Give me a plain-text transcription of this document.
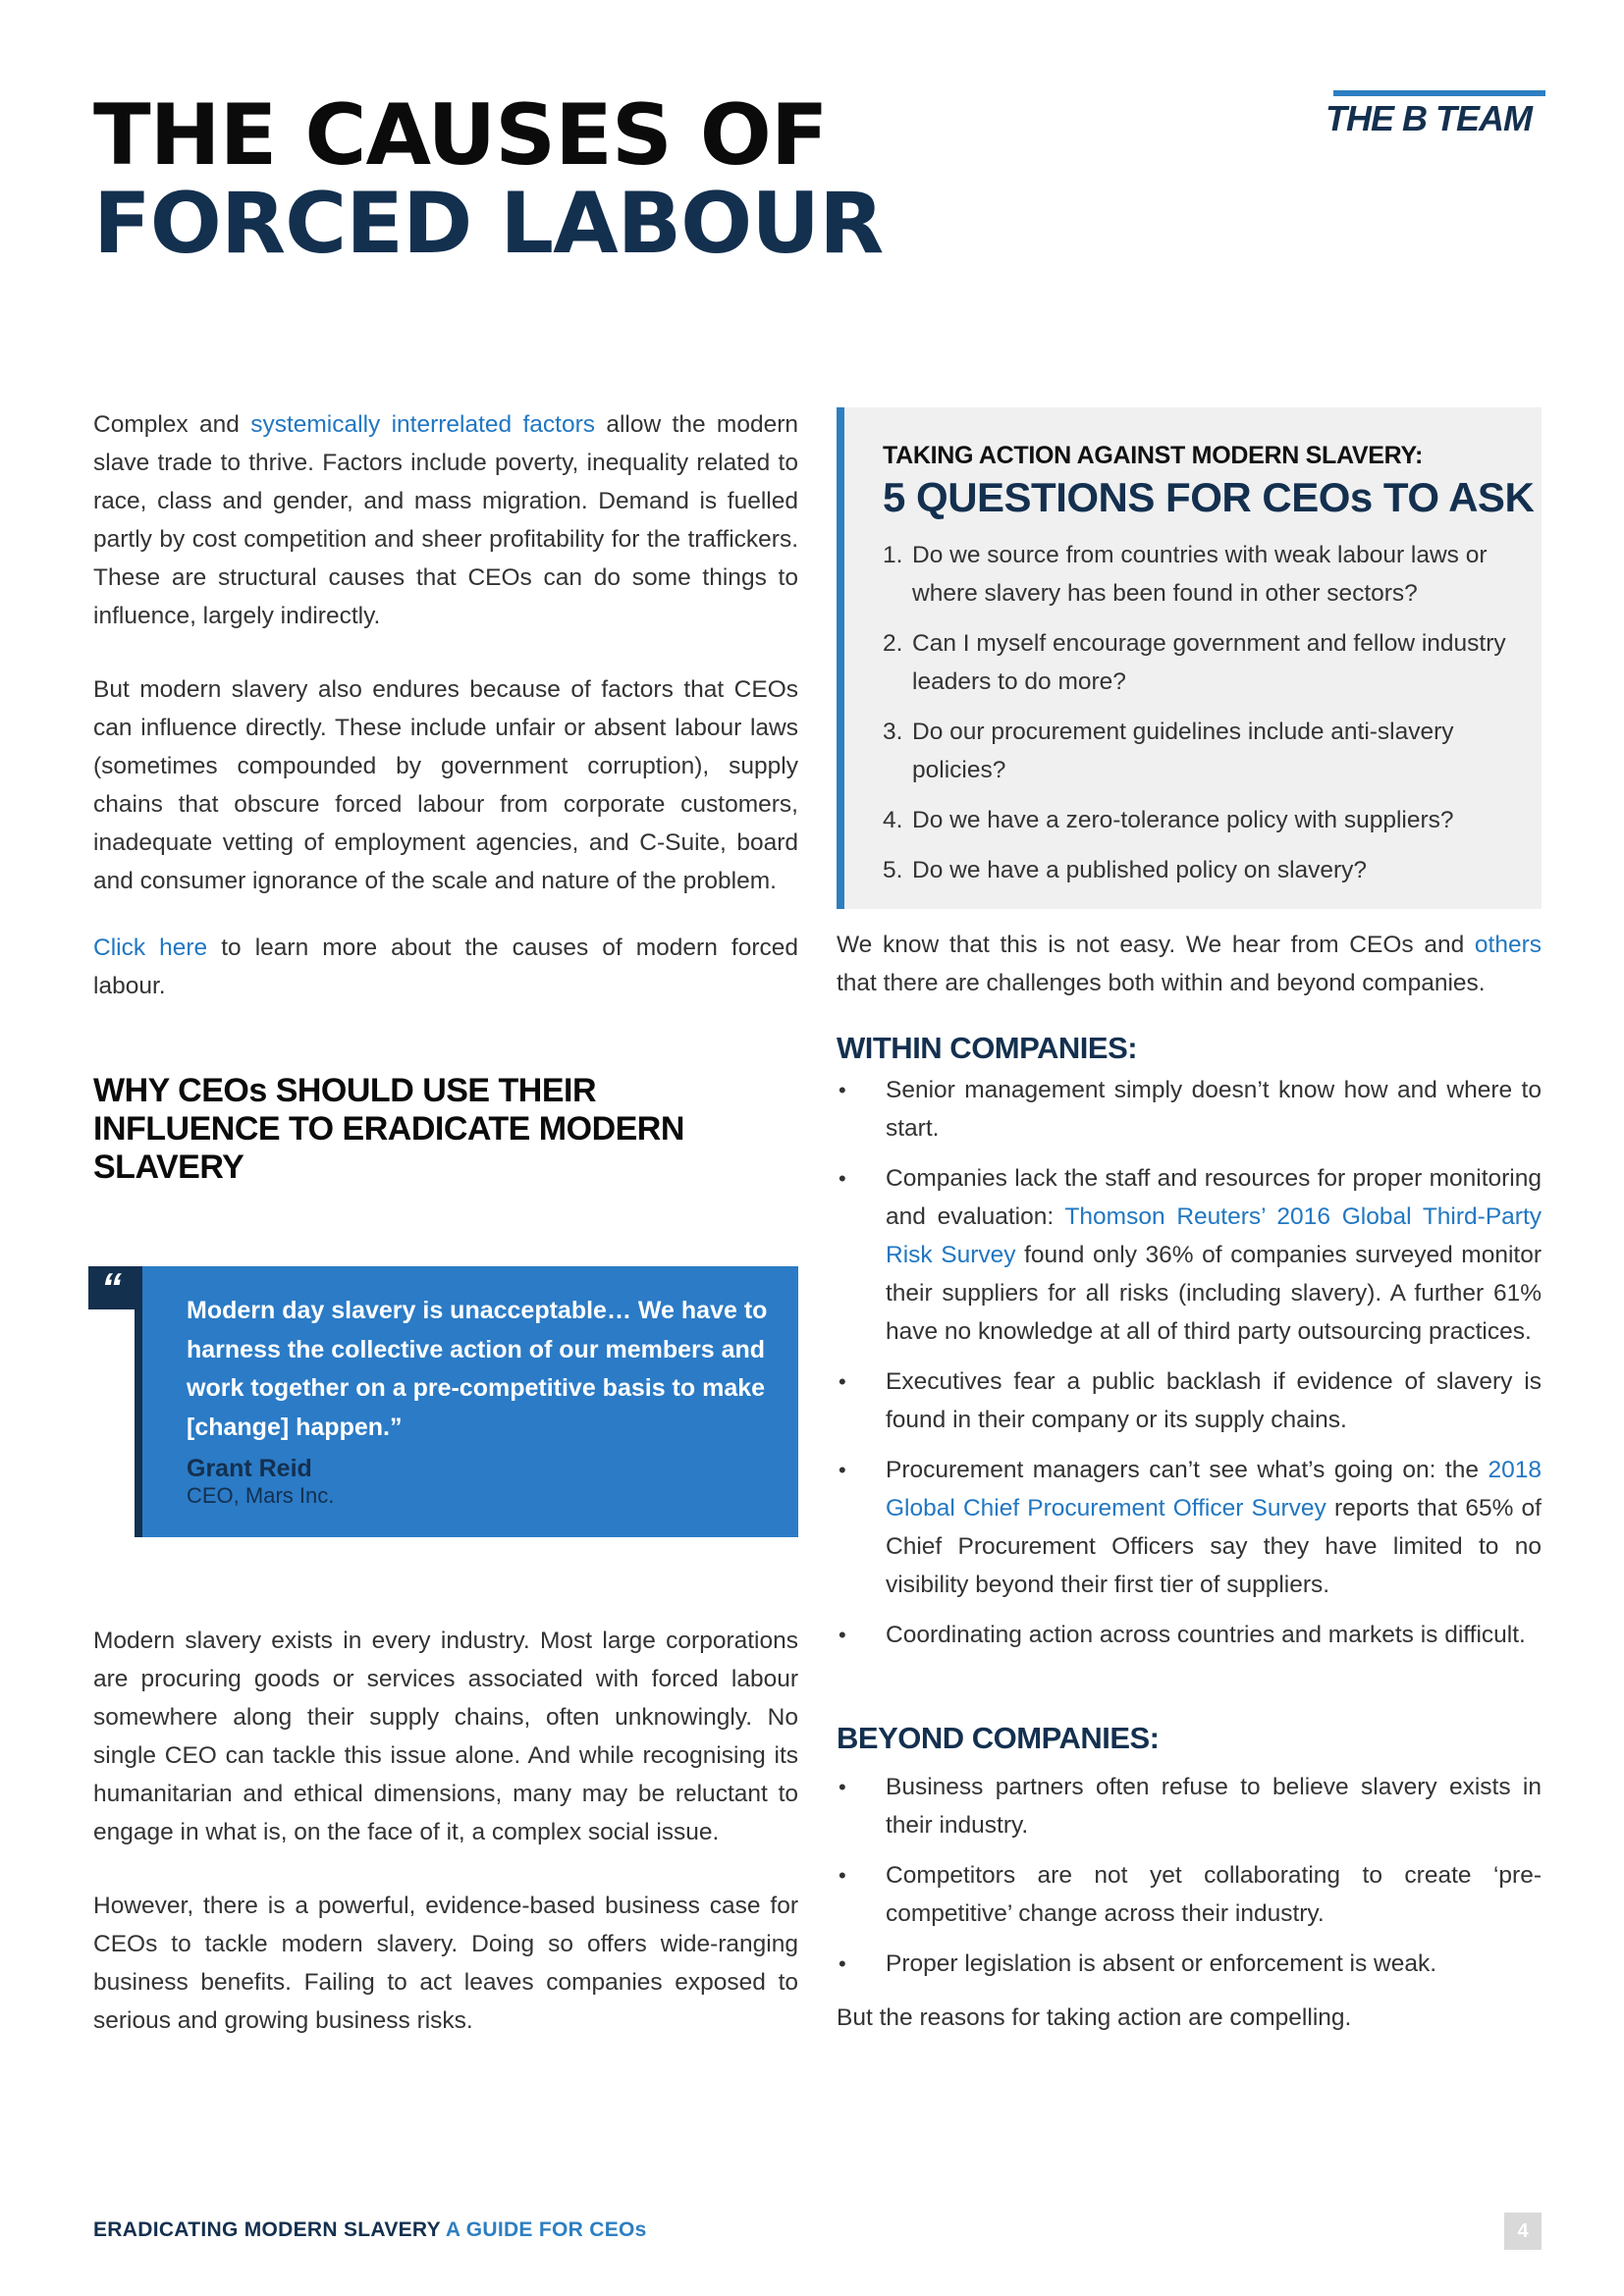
THE CAUSES OF
FORCED LABOUR
THE B TEAM

Complex and systemically interrelated factors allow the modern slave trade to thrive. Factors include poverty, inequality related to race, class and gender, and mass migration. Demand is fuelled partly by cost competition and sheer profitability for the traffickers. These are structural causes that CEOs can do some things to influence, largely indirectly.

But modern slavery also endures because of factors that CEOs can influence directly. These include unfair or absent labour laws (sometimes compounded by government corruption), supply chains that obscure forced labour from corporate customers, inadequate vetting of employment agencies, and C-Suite, board and consumer ignorance of the scale and nature of the problem.

Click here to learn more about the causes of modern forced labour.

WHY CEOs SHOULD USE THEIR INFLUENCE TO ERADICATE MODERN SLAVERY
“	Modern day slavery is unacceptable… We have to harness the collective action of our members and work together on a pre-competitive basis to make [change] happen.”
Grant Reid
CEO, Mars Inc.

Modern slavery exists in every industry. Most large corporations are procuring goods or services associated with forced labour somewhere along their supply chains, often unknowingly. No single CEO can tackle this issue alone. And while recognising its humanitarian and ethical dimensions, many may be reluctant to engage in what is, on the face of it, a complex social issue.

However, there is a powerful, evidence-based business case for CEOs to tackle modern slavery. Doing so offers wide-ranging business benefits. Failing to act leaves companies exposed to serious and growing business risks.

TAKING ACTION AGAINST MODERN SLAVERY:
5 QUESTIONS FOR CEOs TO ASK
1. Do we source from countries with weak labour laws or where slavery has been found in other sectors?
2. Can I myself encourage government and fellow industry leaders to do more?
3. Do our procurement guidelines include anti-slavery policies?
4. Do we have a zero-tolerance policy with suppliers?
5. Do we have a published policy on slavery?

We know that this is not easy. We hear from CEOs and others that there are challenges both within and beyond companies.

WITHIN COMPANIES:
• Senior management simply doesn’t know how and where to start.
• Companies lack the staff and resources for proper monitoring and evaluation: Thomson Reuters’ 2016 Global Third-Party Risk Survey found only 36% of companies surveyed monitor their suppliers for all risks (including slavery). A further 61% have no knowledge at all of third party outsourcing practices.
• Executives fear a public backlash if evidence of slavery is found in their company or its supply chains.
• Procurement managers can’t see what’s going on: the 2018 Global Chief Procurement Officer Survey reports that 65% of Chief Procurement Officers say they have limited to no visibility beyond their first tier of suppliers.
• Coordinating action across countries and markets is difficult.
BEYOND COMPANIES:
• Business partners often refuse to believe slavery exists in their industry.
• Competitors are not yet collaborating to create ‘pre-competitive’ change across their industry.
• Proper legislation is absent or enforcement is weak.

But the reasons for taking action are compelling.

ERADICATING MODERN SLAVERY A GUIDE FOR CEOs	4
